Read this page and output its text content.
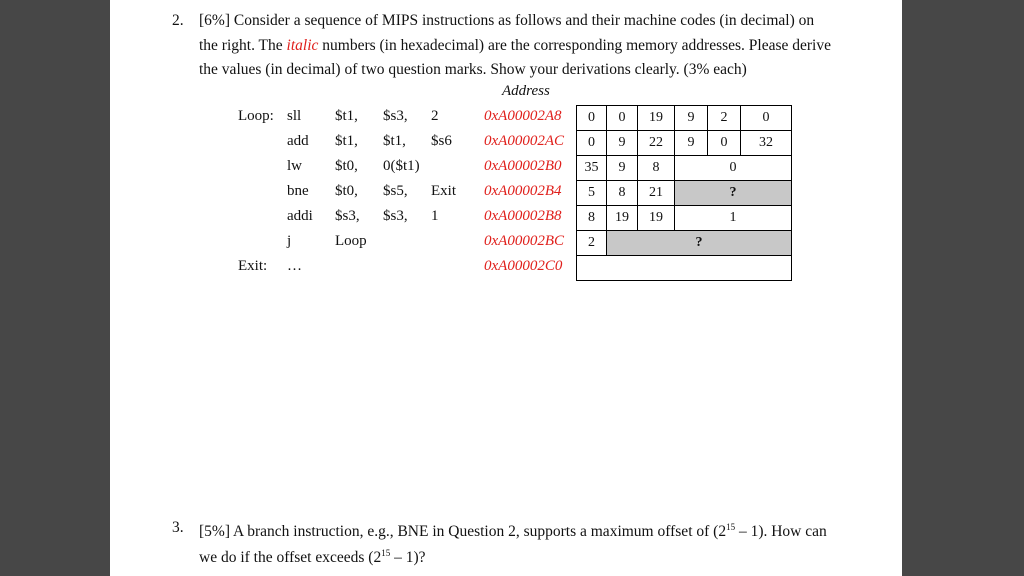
2. [6%] Consider a sequence of MIPS instructions as follows and their machine codes (in decimal) on
the right. The italic numbers (in hexadecimal) are the corresponding memory addresses. Please derive
the values (in decimal) of two question marks. Show your derivations clearly. (3% each)
Address
Loop: sll $t1, $s3, 2	0xA00002A8
add $t1, $t1, $s6 0xA00002AC
lw $t0, 0($t1)	0xA00002B0
bne $t0, $s5, Exit 0xA00002B4
addi $s3, $s3, 1	0xA00002B8
j	Loop	0xA00002BC
Exit: …	0xA00002C0
0	0	19	9	2	0
0	9	22	9	0	32
35	9	8	0
5	8	21	?
8	19	19	1
2	?
3. [5%] A branch instruction, e.g., BNE in Question 2, supports a maximum offset of $(2^{15} - 1)$. How can
we do if the offset exceeds $(2^{15} - 1)$?
